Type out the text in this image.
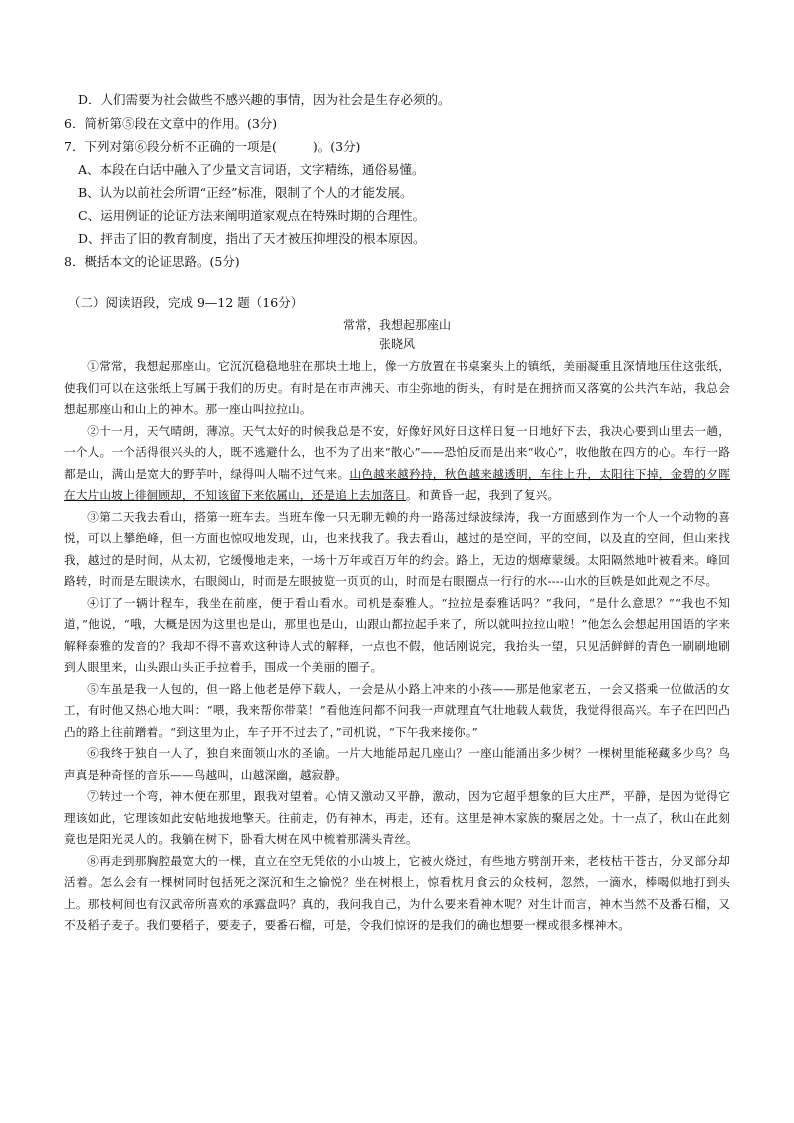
D．人们需要为社会做些不感兴趣的事情，因为社会是生存必须的。
6．简析第⑤段在文章中的作用。(3分)
7．下列对第⑥段分析不正确的一项是(	)。(3分)
A、本段在白话中融入了少量文言词语，文字精练，通俗易懂。
B、认为以前社会所谓“正经”标准，限制了个人的才能发展。
C、运用例证的论证方法来阐明道家观点在特殊时期的合理性。
D、抨击了旧的教育制度，指出了天才被压抑埋没的根本原因。
8．概括本文的论证思路。(5分)
（二）阅读语段，完成 9—12 题（16分）
常常，我想起那座山
张晓风

①常常，我想起那座山。它沉沉稳稳地驻在那块土地上，像一方放置在书桌案头上的镇纸，美丽凝重且深情地压住这张纸，使我们可以在这张纸上写属于我们的历史。有时是在市声沸天、市尘弥地的街头，有时是在拥挤而又落寞的公共汽车站，我总会想起那座山和山上的神木。那一座山叫拉拉山。

②十一月，天气晴朗，薄凉。天气太好的时候我总是不安，好像好风好日这样日复一日地好下去，我决心要到山里去一趟，一个人。一个活得很兴头的人，既不逃避什么，也不为了出来“散心”——恐怕反而是出来“收心”，收他散在四方的心。车行一路都是山，满山是宽大的野芋叶，绿得叫人喘不过气来。山色越来越矜持，秋色越来越透明，车往上升，太阳往下掉，金碧的夕晖在大片山坡上徘徊顾却，不知该留下来依属山，还是追上去加落日。和黄昏一起，我到了复兴。

③第二天我去看山，搭第一班车去。当班车像一只无聊无赖的舟一路荡过绿波绿涛，我一方面感到作为一个人一个动物的喜悦，可以上攀绝峰，但一方面也惊叹地发现，山，也来找我了。我去看山，越过的是空间，平的空间，以及直的空间，但山来找我，越过的是时间，从太初，它缓慢地走来，一场十万年或百万年的约会。路上，无边的烟瘴蒙缓。太阳隔然地叶被看来。峰回路转，时而是左眼读水，右眼阅山，时而是左眼披览一页页的山，时而是右眼圈点一行行的水----山水的巨帙是如此观之不尽。

④订了一辆计程车，我坐在前座，便于看山看水。司机是泰雅人。“拉拉是泰雅话吗？”我问，“是什么意思？”“我也不知道，”他说，“哦，大概是因为这里也是山，那里也是山，山跟山都拉起手来了，所以就叫拉拉山啦！”他怎么会想起用国语的字来解释泰雅的发音的？我却不得不喜欢这种诗人式的解释，一点也不假，他话刚说完，我抬头一望，只见活鲜鲜的青色一刷刷地刷到人眼里来，山头跟山头正手拉着手，围成一个美丽的圈子。

⑤车虽是我一人包的，但一路上他老是停下载人，一会是从小路上冲来的小孩——那是他家老五，一会又搭乘一位做活的女工，有时他又热心地大叫：“喂，我来帮你带菜！”看他连问都不问我一声就理直气壮地载人载货，我觉得很高兴。车子在凹凹凸凸的路上往前蹭着。“到这里为止，车子开不过去了，”司机说，“下午我来接你。”

⑥我终于独自一人了，独自来面领山水的圣谕。一片大地能昂起几座山？一座山能涌出多少树？一棵树里能秘藏多少鸟？鸟声真是种奇怪的音乐——鸟越叫，山越深幽，越寂静。

⑦转过一个弯，神木便在那里，跟我对望着。心情又激动又平静，激动，因为它超乎想象的巨大庄严，平静，是因为觉得它理该如此，它理该如此安帖地拔地擎天。往前走，仍有神木，再走，还有。这里是神木家族的聚居之处。十一点了，秋山在此刻竟也是阳光灵人的。我躺在树下，卧看大树在风中梳着那满头青丝。

⑧再走到那胸腔最宽大的一棵，直立在空无凭依的小山坡上，它被火烧过，有些地方劈剖开来，老枝枯干苍古，分叉部分却活着。怎么会有一棵树同时包括死之深沉和生之愉悦？坐在树根上，惊看枕月食云的众枝柯，忽然，一滴水，棒喝似地打到头上。那枝柯间也有汉武帝所喜欢的承露盘吗？真的，我问我自己，为什么要来看神木呢？对生计而言，神木当然不及番石榴，又不及稻子麦子。我们要稻子，要麦子，要番石榴，可是，令我们惊讶的是我们的确也想要一棵或很多棵神木。
